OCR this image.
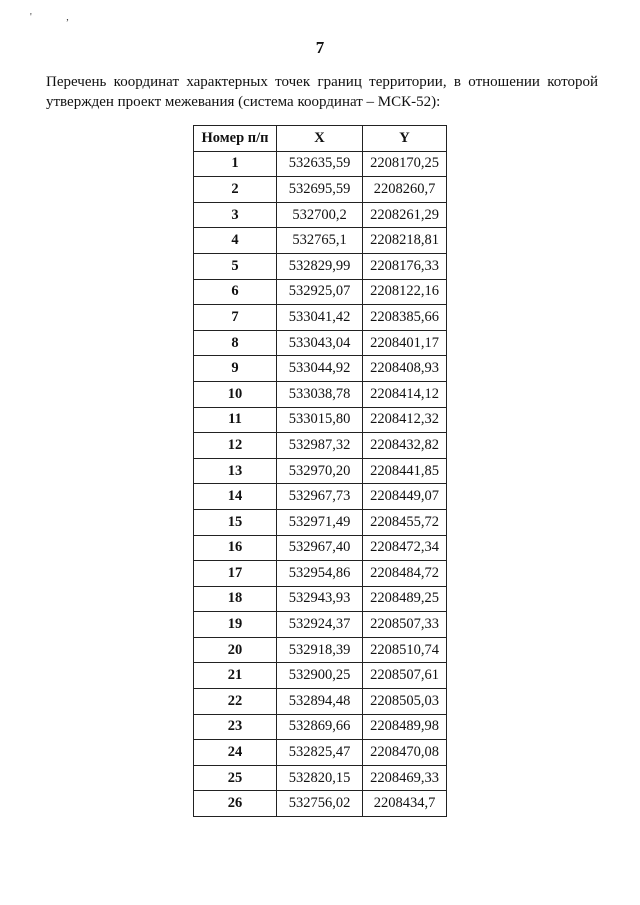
' ,
7
Перечень координат характерных точек границ территории, в отношении которой утвержден проект межевания (система координат – МСК-52):
Номер п/п	X	Y
1	532635,59	2208170,25
2	532695,59	2208260,7
3	532700,2	2208261,29
4	532765,1	2208218,81
5	532829,99	2208176,33
6	532925,07	2208122,16
7	533041,42	2208385,66
8	533043,04	2208401,17
9	533044,92	2208408,93
10	533038,78	2208414,12
11	533015,80	2208412,32
12	532987,32	2208432,82
13	532970,20	2208441,85
14	532967,73	2208449,07
15	532971,49	2208455,72
16	532967,40	2208472,34
17	532954,86	2208484,72
18	532943,93	2208489,25
19	532924,37	2208507,33
20	532918,39	2208510,74
21	532900,25	2208507,61
22	532894,48	2208505,03
23	532869,66	2208489,98
24	532825,47	2208470,08
25	532820,15	2208469,33
26	532756,02	2208434,7
